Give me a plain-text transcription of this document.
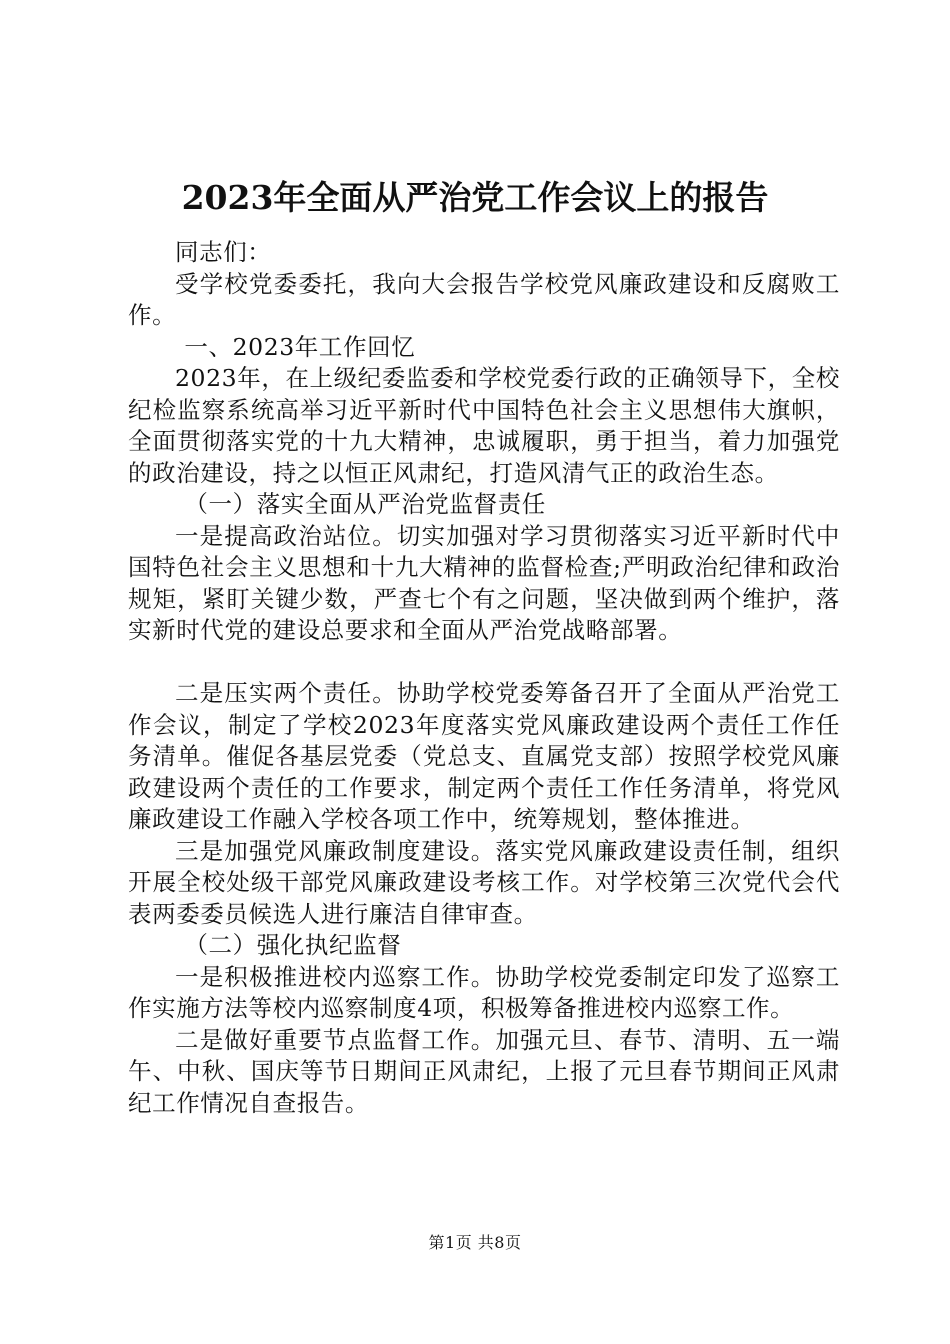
2023年全面从严治党工作会议上的报告

同志们：

受学校党委委托，我向大会报告学校党风廉政建设和反腐败工作。

一、2023年工作回忆

2023年，在上级纪委监委和学校党委行政的正确领导下，全校纪检监察系统高举习近平新时代中国特色社会主义思想伟大旗帜，全面贯彻落实党的十九大精神，忠诚履职，勇于担当，着力加强党的政治建设，持之以恒正风肃纪，打造风清气正的政治生态。

（一）落实全面从严治党监督责任

一是提高政治站位。切实加强对学习贯彻落实习近平新时代中国特色社会主义思想和十九大精神的监督检查;严明政治纪律和政治规矩，紧盯关键少数，严查七个有之问题，坚决做到两个维护，落实新时代党的建设总要求和全面从严治党战略部署。

二是压实两个责任。协助学校党委筹备召开了全面从严治党工作会议，制定了学校2023年度落实党风廉政建设两个责任工作任务清单。催促各基层党委（党总支、直属党支部）按照学校党风廉政建设两个责任的工作要求，制定两个责任工作任务清单，将党风廉政建设工作融入学校各项工作中，统筹规划，整体推进。

三是加强党风廉政制度建设。落实党风廉政建设责任制，组织开展全校处级干部党风廉政建设考核工作。对学校第三次党代会代表两委委员候选人进行廉洁自律审查。

（二）强化执纪监督

一是积极推进校内巡察工作。协助学校党委制定印发了巡察工作实施方法等校内巡察制度4项，积极筹备推进校内巡察工作。

二是做好重要节点监督工作。加强元旦、春节、清明、五一端午、中秋、国庆等节日期间正风肃纪，上报了元旦春节期间正风肃纪工作情况自查报告。

第1页 共8页
